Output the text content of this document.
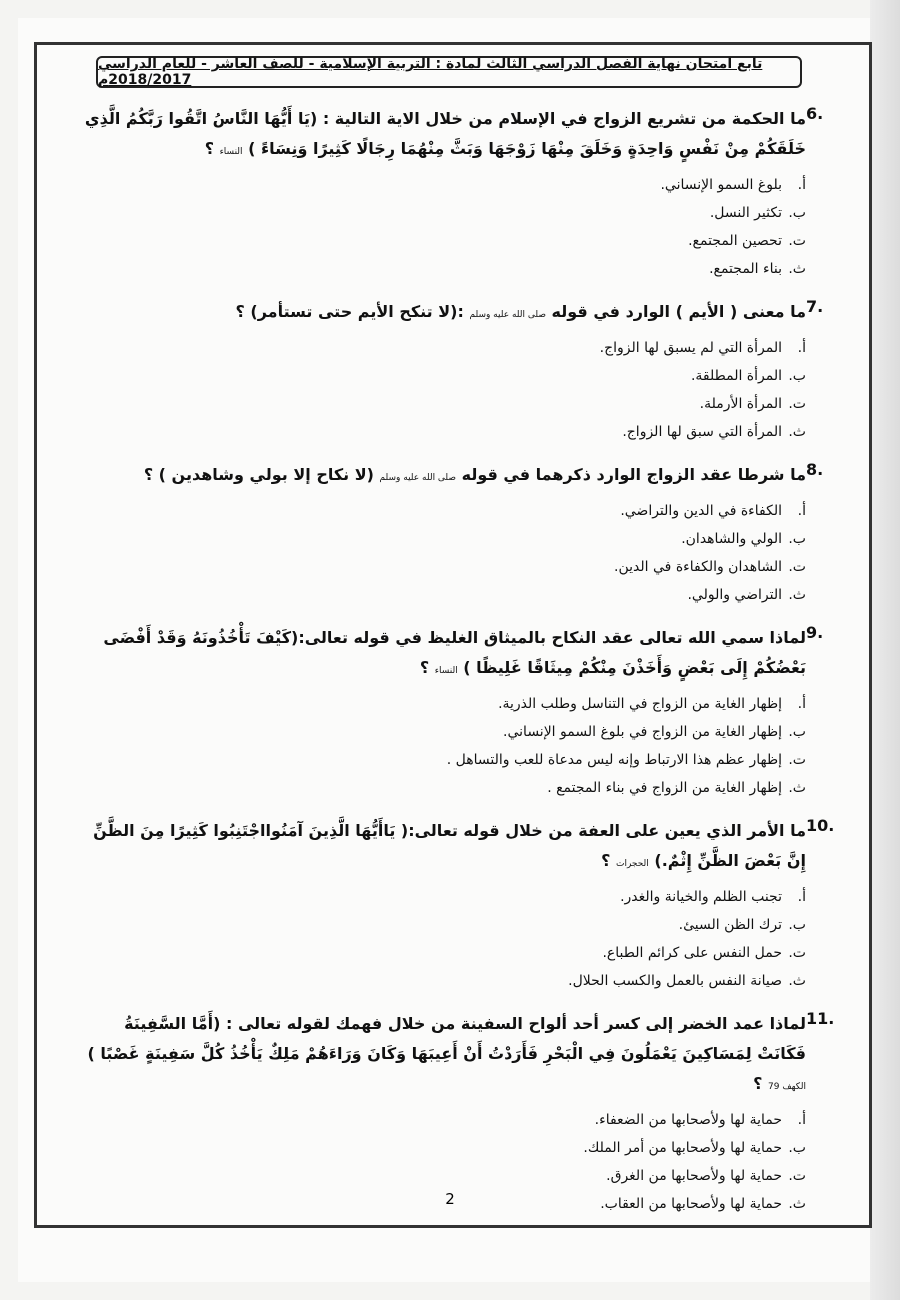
تابع امتحان نهاية الفصل الدراسي الثالث لمادة : التربية الإسلامية - للصف العاشر - للعام الدراسي 2018/2017م
6.
ما الحكمة من تشريع الزواج في الإسلام من خلال الاية التالية : (يَا أَيُّهَا النَّاسُ اتَّقُوا رَبَّكُمُ الَّذِي خَلَقَكُمْ مِنْ نَفْسٍ وَاحِدَةٍ وَخَلَقَ مِنْهَا زَوْجَهَا وَبَثَّ مِنْهُمَا رِجَالًا كَثِيرًا وَنِسَاءً ) النساء ؟
أ.
بلوغ السمو الإنساني.
ب.
تكثير النسل.
ت.
تحصين المجتمع.
ث.
بناء المجتمع.
7.
ما معنى ( الأيم ) الوارد في قوله صلى الله عليه وسلم :(لا تنكح الأيم حتى تستأمر) ؟
أ.
المرأة التي لم يسبق لها الزواج.
ب.
المرأة المطلقة.
ت.
المرأة الأرملة.
ث.
المرأة التي سبق لها الزواج.
8.
ما شرطا عقد الزواج الوارد ذكرهما في قوله صلى الله عليه وسلم (لا نكاح إلا بولي وشاهدين ) ؟
أ.
الكفاءة في الدين والتراضي.
ب.
الولي والشاهدان.
ت.
الشاهدان والكفاءة في الدين.
ث.
التراضي والولي.
9.
لماذا سمي الله تعالى عقد النكاح بالميثاق الغليظ في قوله تعالى:(كَيْفَ تَأْخُذُونَهُ وَقَدْ أَفْضَى بَعْضُكُمْ إِلَى بَعْضٍ وَأَخَذْنَ مِنْكُمْ مِيثَاقًا غَلِيظًا ) النساء ؟
أ.
إظهار الغاية من الزواج في التناسل وطلب الذرية.
ب.
إظهار الغاية من الزواج في بلوغ السمو الإنساني.
ت.
إظهار عظم هذا الارتباط وإنه ليس مدعاة للعب والتساهل .
ث.
إظهار الغاية من الزواج في بناء المجتمع .
10.
ما الأمر الذي يعين على العفة من خلال قوله تعالى:( يَاأَيُّهَا الَّذِينَ آمَنُوااجْتَنِبُوا كَثِيرًا مِنَ الظَّنِّ إِنَّ بَعْضَ الظَّنِّ إِثْمٌ.) الحجرات ؟
أ.
تجنب الظلم والخيانة والغدر.
ب.
ترك الظن السيئ.
ت.
حمل النفس على كرائم الطباع.
ث.
صيانة النفس بالعمل والكسب الحلال.
11.
لماذا عمد الخضر إلى كسر أحد ألواح السفينة من خلال فهمك لقوله تعالى : (أَمَّا السَّفِينَةُ فَكَانَتْ لِمَسَاكِينَ يَعْمَلُونَ فِي الْبَحْرِ فَأَرَدْتُ أَنْ أَعِيبَهَا وَكَانَ وَرَاءَهُمْ مَلِكٌ يَأْخُذُ كُلَّ سَفِينَةٍ غَصْبًا ) الكهف 79 ؟
أ.
حماية لها ولأصحابها من الضعفاء.
ب.
حماية لها ولأصحابها من أمر الملك.
ت.
حماية لها ولأصحابها من الغرق.
ث.
حماية لها ولأصحابها من العقاب.
2
